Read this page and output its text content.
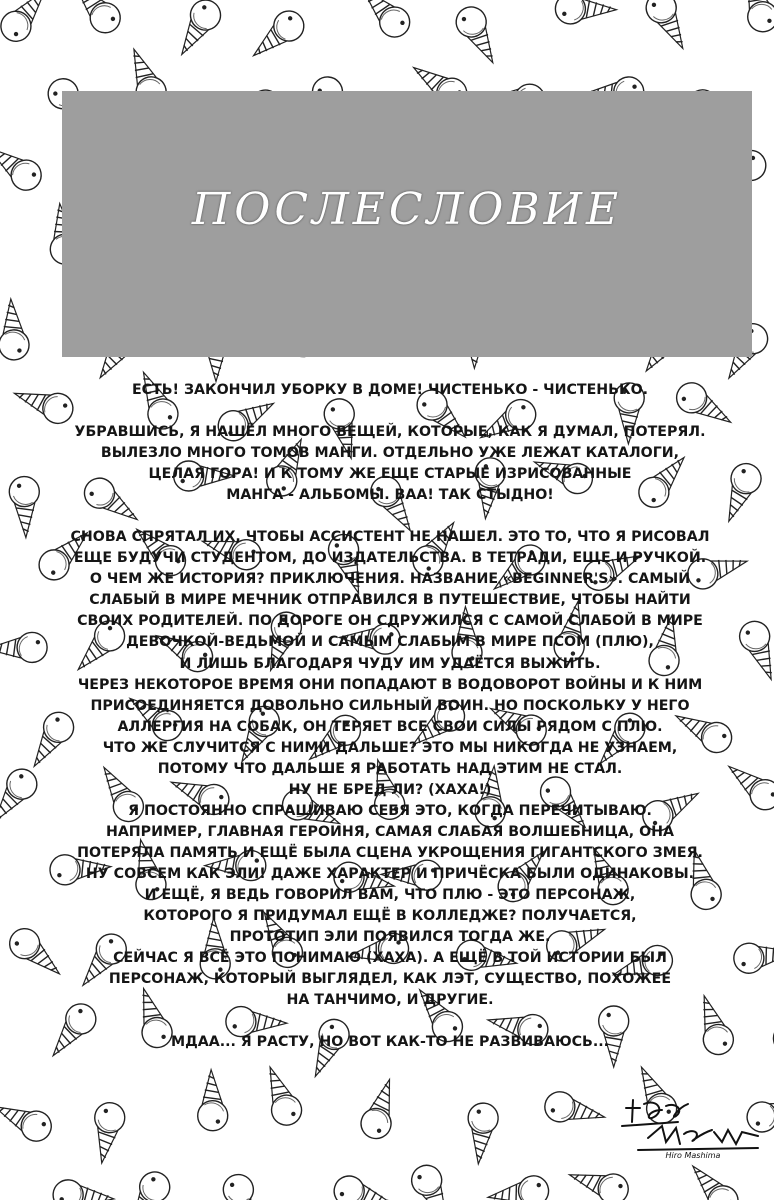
ПОСЛЕСЛОВИЕ
ЕСТЬ! ЗАКОНЧИЛ УБОРКУ В ДОМЕ! ЧИСТЕНЬКО - ЧИСТЕНЬКО.
УБРАВШИСЬ, Я НАШЁЛ МНОГО ВЕЩЕЙ, КОТОРЫЕ, КАК Я ДУМАЛ, ПОТЕРЯЛ.
ВЫЛЕЗЛО МНОГО ТОМОВ МАНГИ. ОТДЕЛЬНО УЖЕ ЛЕЖАТ КАТАЛОГИ,
ЦЕЛАЯ ГОРА! И К ТОМУ ЖЕ ЕЩЕ СТАРЫЕ ИЗРИСОВАННЫЕ
МАНГА - АЛЬБОМЫ. ВАА! ТАК СТЫДНО!
СНОВА СПРЯТАЛ ИХ, ЧТОБЫ АССИСТЕНТ НЕ НАШЕЛ. ЭТО ТО, ЧТО Я РИСОВАЛ
ЕЩЕ БУДУЧИ СТУДЕНТОМ, ДО ИЗДАТЕЛЬСТВА. В ТЕТРАДИ, ЕЩЕ И РУЧКОЙ.
О ЧЕМ ЖЕ ИСТОРИЯ? ПРИКЛЮЧЕНИЯ. НАЗВАНИЕ «BEGINNER'S». САМЫЙ
СЛАБЫЙ В МИРЕ МЕЧНИК ОТПРАВИЛСЯ В ПУТЕШЕСТВИЕ, ЧТОБЫ НАЙТИ
СВОИХ РОДИТЕЛЕЙ. ПО ДОРОГЕ ОН СДРУЖИЛСЯ С САМОЙ СЛАБОЙ В МИРЕ
ДЕВОЧКОЙ-ВЕДЬМОЙ И САМЫМ СЛАБЫМ В МИРЕ ПСОМ (ПЛЮ),
И ЛИШЬ БЛАГОДАРЯ ЧУДУ ИМ УДАЁТСЯ ВЫЖИТЬ.
ЧЕРЕЗ НЕКОТОРОЕ ВРЕМЯ ОНИ ПОПАДАЮТ В ВОДОВОРОТ ВОЙНЫ И К НИМ
ПРИСОЕДИНЯЕТСЯ ДОВОЛЬНО СИЛЬНЫЙ ВОИН. НО ПОСКОЛЬКУ У НЕГО
АЛЛЕРГИЯ НА СОБАК, ОН ТЕРЯЕТ ВСЕ СВОИ СИЛЫ РЯДОМ С ПЛЮ.
ЧТО ЖЕ СЛУЧИТСЯ С НИМИ ДАЛЬШЕ? ЭТО МЫ НИКОГДА НЕ УЗНАЕМ,
ПОТОМУ ЧТО ДАЛЬШЕ Я РАБОТАТЬ НАД ЭТИМ НЕ СТАЛ.
НУ НЕ БРЕД ЛИ? (ХАХА!)
Я ПОСТОЯННО СПРАШИВАЮ СЕБЯ ЭТО, КОГДА ПЕРЕЧИТЫВАЮ.
НАПРИМЕР, ГЛАВНАЯ ГЕРОИНЯ, САМАЯ СЛАБАЯ ВОЛШЕБНИЦА, ОНА
ПОТЕРЯЛА ПАМЯТЬ И ЕЩЁ БЫЛА СЦЕНА УКРОЩЕНИЯ ГИГАНТСКОГО ЗМЕЯ.
НУ СОВСЕМ КАК ЭЛИ! ДАЖЕ ХАРАКТЕР И ПРИЧЁСКА БЫЛИ ОДИНАКОВЫ.
И ЕЩЁ, Я ВЕДЬ ГОВОРИЛ ВАМ, ЧТО ПЛЮ - ЭТО ПЕРСОНАЖ,
КОТОРОГО Я ПРИДУМАЛ ЕЩЁ В КОЛЛЕДЖЕ? ПОЛУЧАЕТСЯ,
ПРОТОТИП ЭЛИ ПОЯВИЛСЯ ТОГДА ЖЕ.
СЕЙЧАС Я ВСЁ ЭТО ПОНИМАЮ (ХАХА). А ЕЩЁ В ТОЙ ИСТОРИИ БЫЛ
ПЕРСОНАЖ, КОТОРЫЙ ВЫГЛЯДЕЛ, КАК ЛЭТ, СУЩЕСТВО, ПОХОЖЕЕ
НА ТАНЧИМО, И ДРУГИЕ.
МДАА... Я РАСТУ, НО ВОТ КАК-ТО НЕ РАЗВИВАЮСЬ...
Hiro Mashima
